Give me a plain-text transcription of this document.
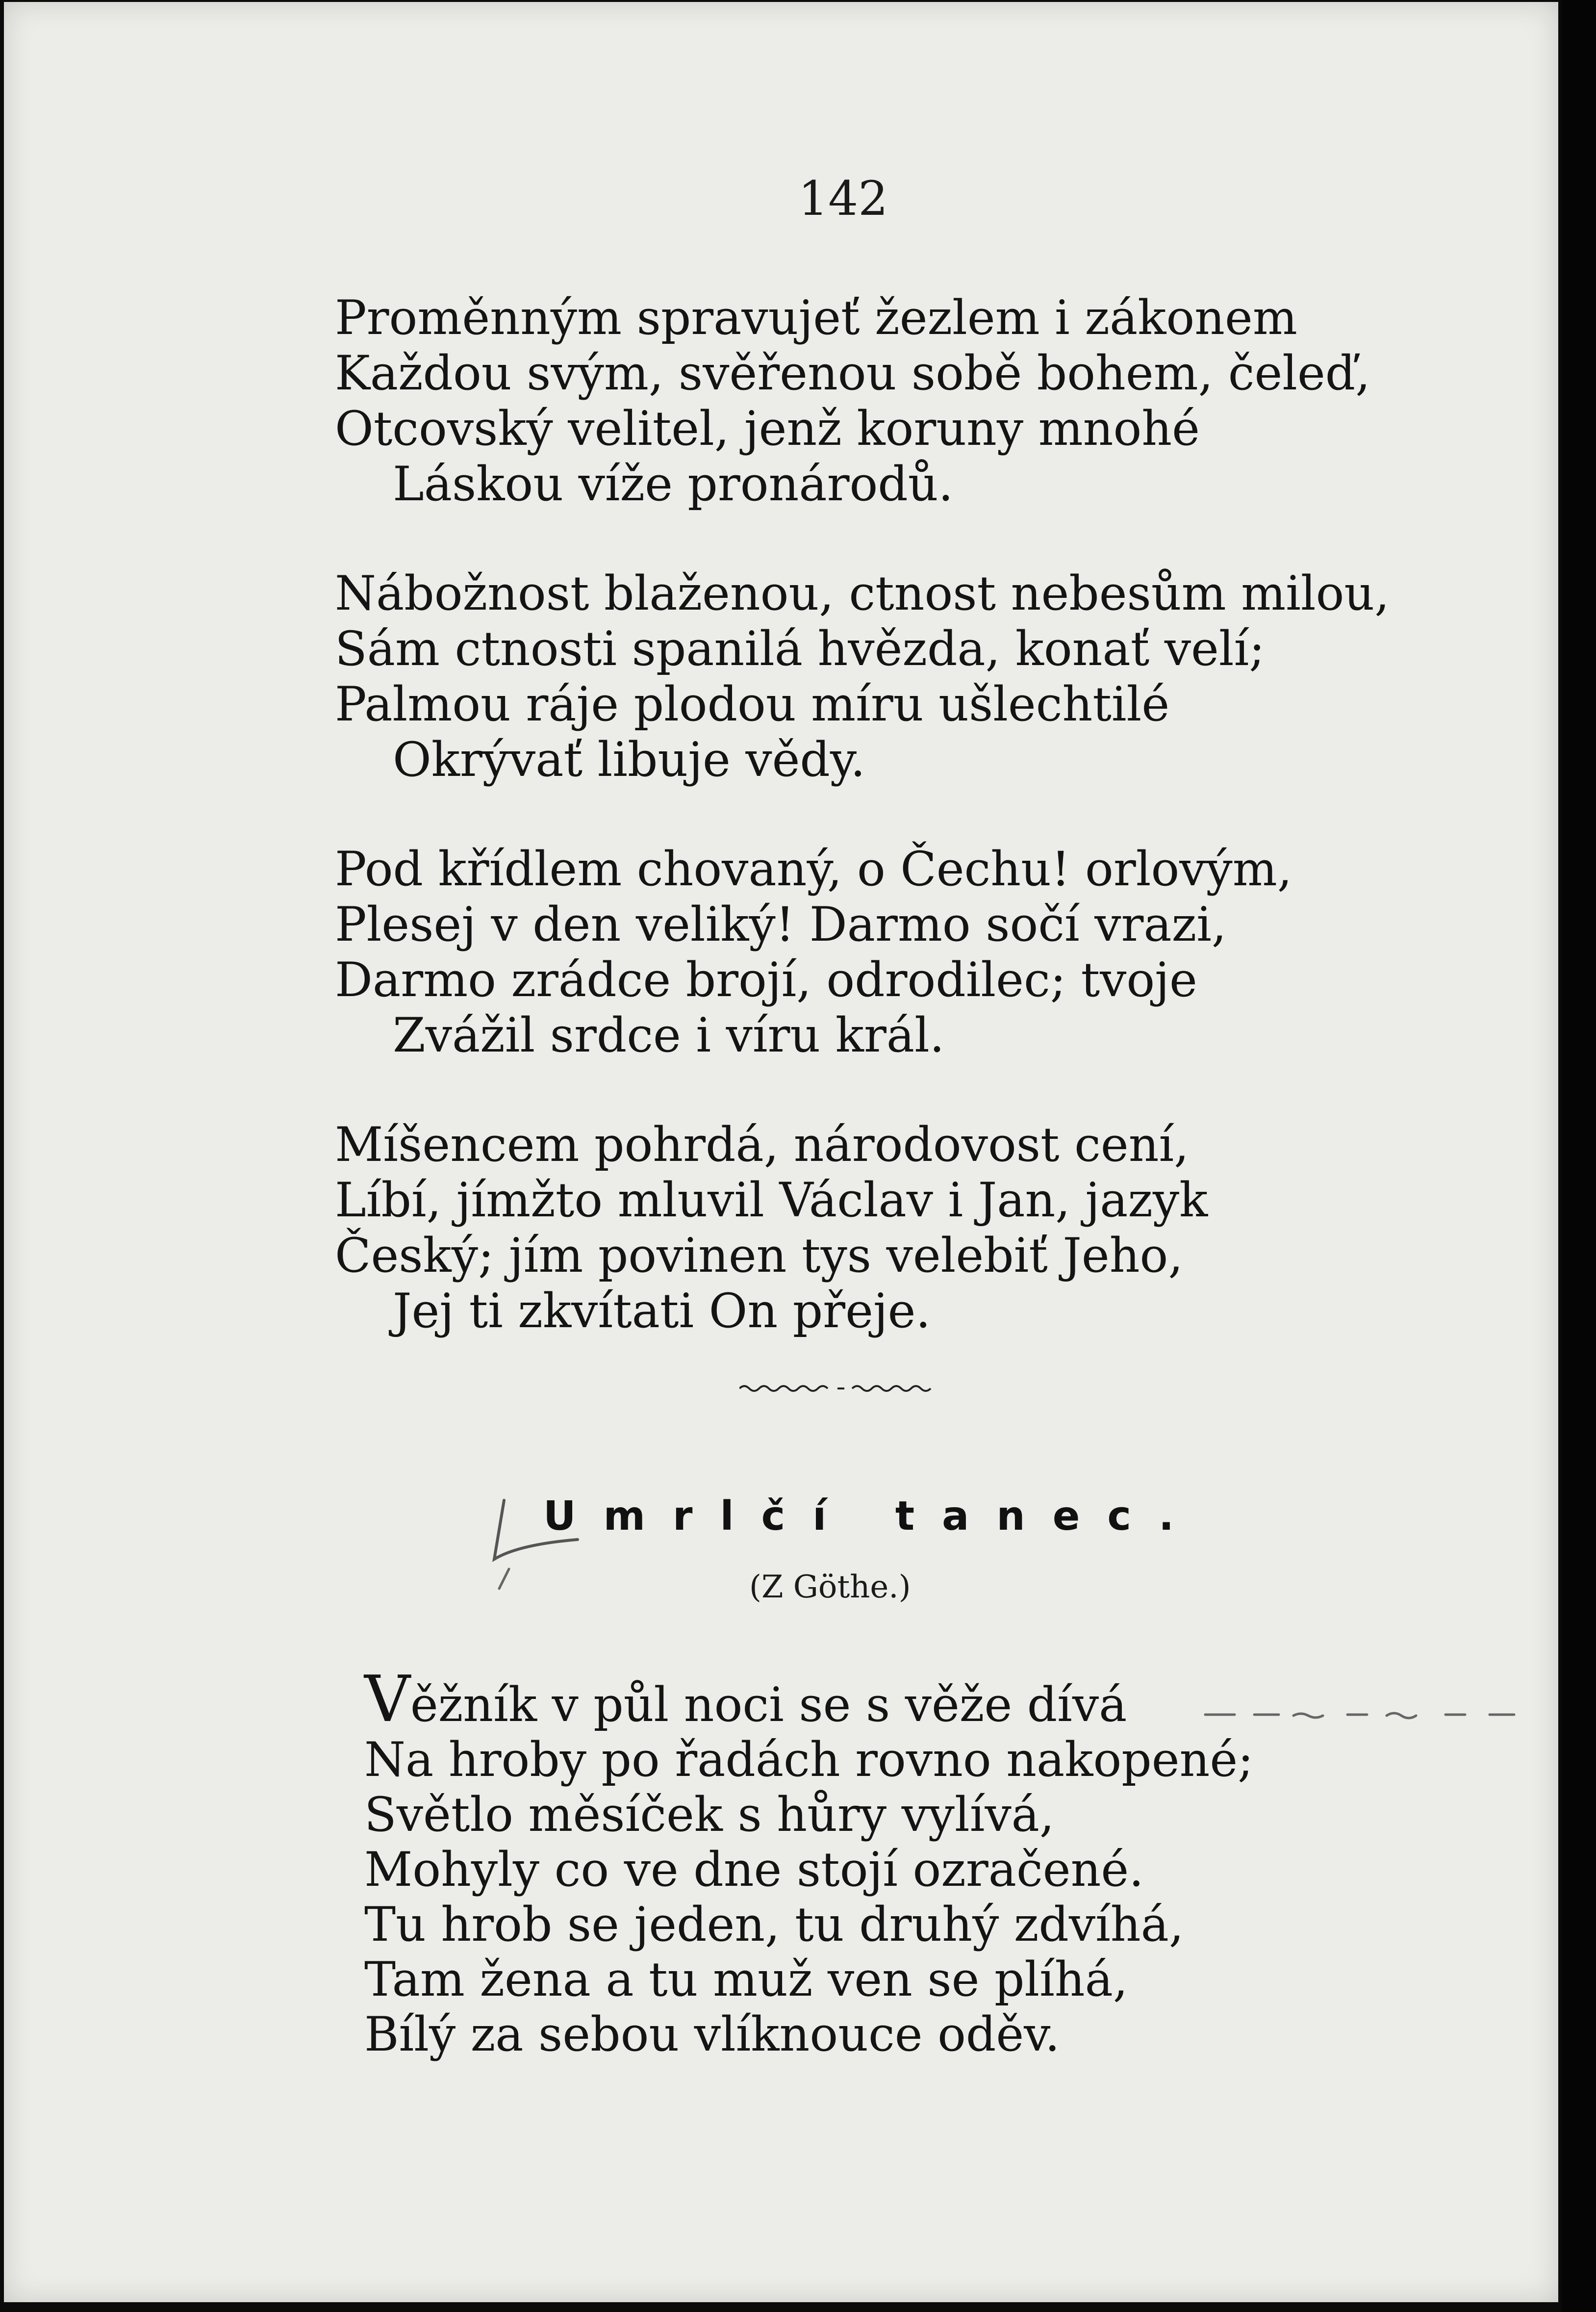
142
Proměnným spravujeť žezlem i zákonem
Každou svým, svěřenou sobě bohem, čeleď,
Otcovský velitel, jenž koruny mnohé
Láskou víže pronárodů.
Nábožnost blaženou, ctnost nebesům milou,
Sám ctnosti spanilá hvězda, konať velí;
Palmou ráje plodou míru ušlechtilé
Okrývať libuje vědy.
Pod křídlem chovaný, o Čechu! orlovým,
Plesej v den veliký! Darmo sočí vrazi,
Darmo zrádce brojí, odrodilec; tvoje
Zvážil srdce i víru král.
Míšencem pohrdá, národovost cení,
Líbí, jímžto mluvil Václav i Jan, jazyk
Český; jím povinen tys velebiť Jeho,
Jej ti zkvítati On přeje.
Umrlčí tanec.
(Z Göthe.)
Věžník v půl noci se s věže dívá
Na hroby po řadách rovno nakopené;
Světlo měsíček s hůry vylívá,
Mohyly co ve dne stojí ozračené.
Tu hrob se jeden, tu druhý zdvíhá,
Tam žena a tu muž ven se plíhá,
Bílý za sebou vlíknouce oděv.
